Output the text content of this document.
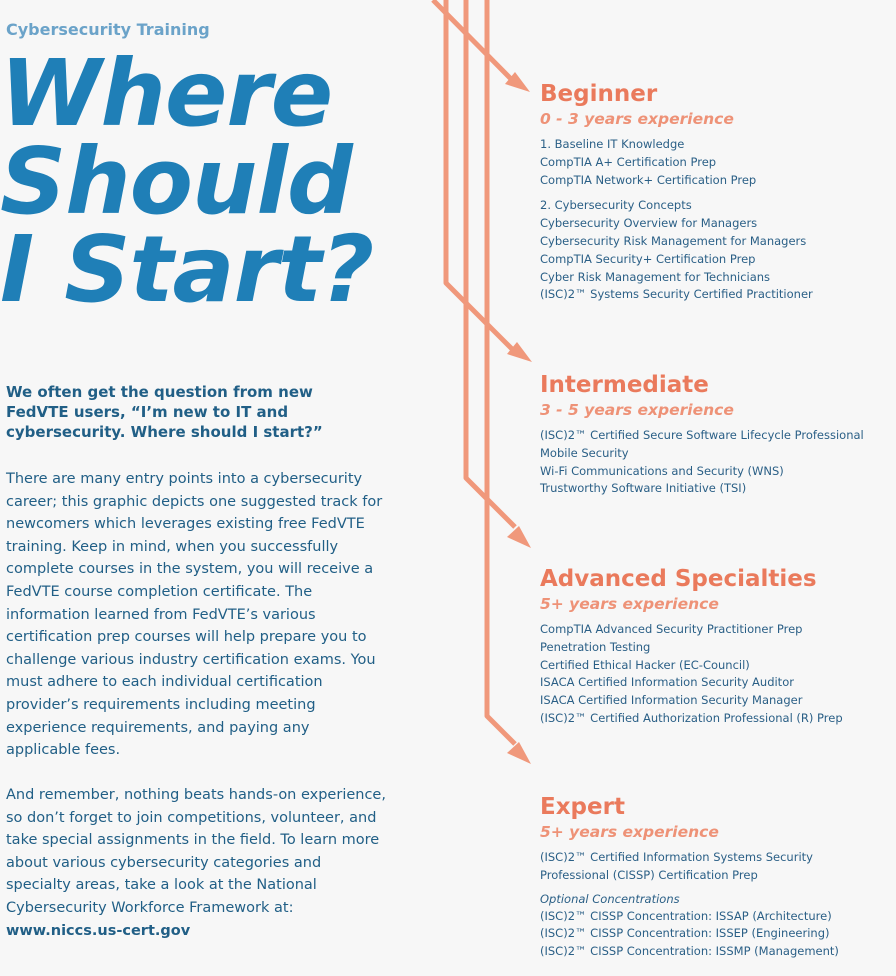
Cybersecurity Training
Where
Should
I Start?
We often get the question from new FedVTE users, “I’m new to IT and cybersecurity. Where should I start?”
There are many entry points into a cybersecurity career; this graphic depicts one suggested track for newcomers which leverages existing free FedVTE training. Keep in mind, when you successfully complete courses in the system, you will receive a FedVTE course completion certificate. The information learned from FedVTE’s various certification prep courses will help prepare you to challenge various industry certification exams. You must adhere to each individual certification provider’s requirements including meeting experience requirements, and paying any applicable fees.
And remember, nothing beats hands-on experience, so don’t forget to join competitions, volunteer, and take special assignments in the field. To learn more about various cybersecurity categories and specialty areas, take a look at the National Cybersecurity Workforce Framework at: www.niccs.us-cert.gov
Beginner
0 - 3 years experience
1. Baseline IT Knowledge
CompTIA A+ Certification Prep
CompTIA Network+ Certification Prep
2. Cybersecurity Concepts
Cybersecurity Overview for Managers
Cybersecurity Risk Management for Managers
CompTIA Security+ Certification Prep
Cyber Risk Management for Technicians
(ISC)2™ Systems Security Certified Practitioner
Intermediate
3 - 5 years experience
(ISC)2™ Certified Secure Software Lifecycle Professional
Mobile Security
Wi-Fi Communications and Security (WNS)
Trustworthy Software Initiative (TSI)
Advanced Specialties
5+ years experience
CompTIA Advanced Security Practitioner Prep
Penetration Testing
Certified Ethical Hacker (EC-Council)
ISACA Certified Information Security Auditor
ISACA Certified Information Security Manager
(ISC)2™ Certified Authorization Professional (R) Prep
Expert
5+ years experience
(ISC)2™ Certified Information Systems Security
Professional (CISSP) Certification Prep
Optional Concentrations
(ISC)2™ CISSP Concentration: ISSAP (Architecture)
(ISC)2™ CISSP Concentration: ISSEP (Engineering)
(ISC)2™ CISSP Concentration: ISSMP (Management)
